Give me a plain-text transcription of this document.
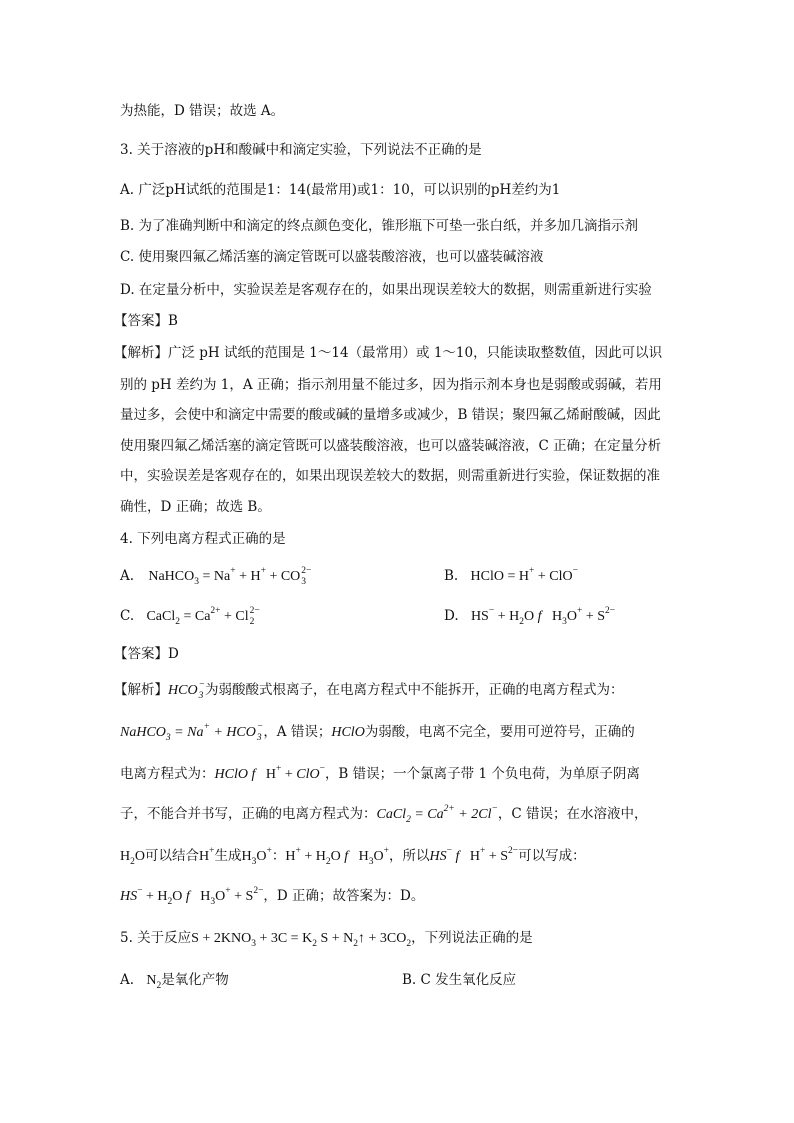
为热能，D 错误；故选 A。
3. 关于溶液的pH和酸碱中和滴定实验，下列说法不正确的是
A. 广泛pH试纸的范围是1：14(最常用)或1：10，可以识别的pH差约为1
B. 为了准确判断中和滴定的终点颜色变化，锥形瓶下可垫一张白纸，并多加几滴指示剂
C. 使用聚四氟乙烯活塞的滴定管既可以盛装酸溶液，也可以盛装碱溶液
D. 在定量分析中，实验误差是客观存在的，如果出现误差较大的数据，则需重新进行实验
【答案】B
【解析】广泛 pH 试纸的范围是 1～14（最常用）或 1～10，只能读取整数值，因此可以识
别的 pH 差约为 1，A 正确；指示剂用量不能过多，因为指示剂本身也是弱酸或弱碱，若用
量过多，会使中和滴定中需要的酸或碱的量增多或减少，B 错误；聚四氟乙烯耐酸碱，因此
使用聚四氟乙烯活塞的滴定管既可以盛装酸溶液，也可以盛装碱溶液，C 正确；在定量分析
中，实验误差是客观存在的，如果出现误差较大的数据，则需重新进行实验，保证数据的准
确性，D 正确；故选 B。
4. 下列电离方程式正确的是
A. NaHCO$_3$ = Na+ + H+ + CO 2−
3	B. HClO = H+ + ClO−
C. CaCl$_2$ = $Ca^{2+} + Cl$ 2−
2	D. $HS^- + H_2O$ f   $H_3O^+ + S^{2-}$
【答案】D
【解析】HCO −
3 为弱酸酸式根离子，在电离方程式中不能拆开，正确的电离方程式为：
NaHCO$_3$ = Na+ + HCO −
3 ，A 错误；HClO为弱酸，电离不完全，要用可逆符号，正确的
电离方程式为：HClO f   H+ + ClO−，B 错误；一个氯离子带 1 个负电荷，为单原子阴离
子，不能合并书写，正确的电离方程式为：CaCl$_2$ = $Ca^{2+} + 2Cl^-$，C 错误；在水溶液中，
$H_2O$可以结合H+生成$H_3O^+$：$H^+ + H_2O$ f   $H_3O^+$，所以HS− f   $H^+ + S^{2-}$可以写成：
$HS^- + H_2O$ f   $H_3O^+ + S^{2-}$，D 正确；故答案为：D。
5. 关于反应$S + 2KNO_3 + 3C = K_2$ $S + N_2↑ + 3CO_2$，下列说法正确的是
A. $N_2$是氧化产物	B. C 发生氧化反应
